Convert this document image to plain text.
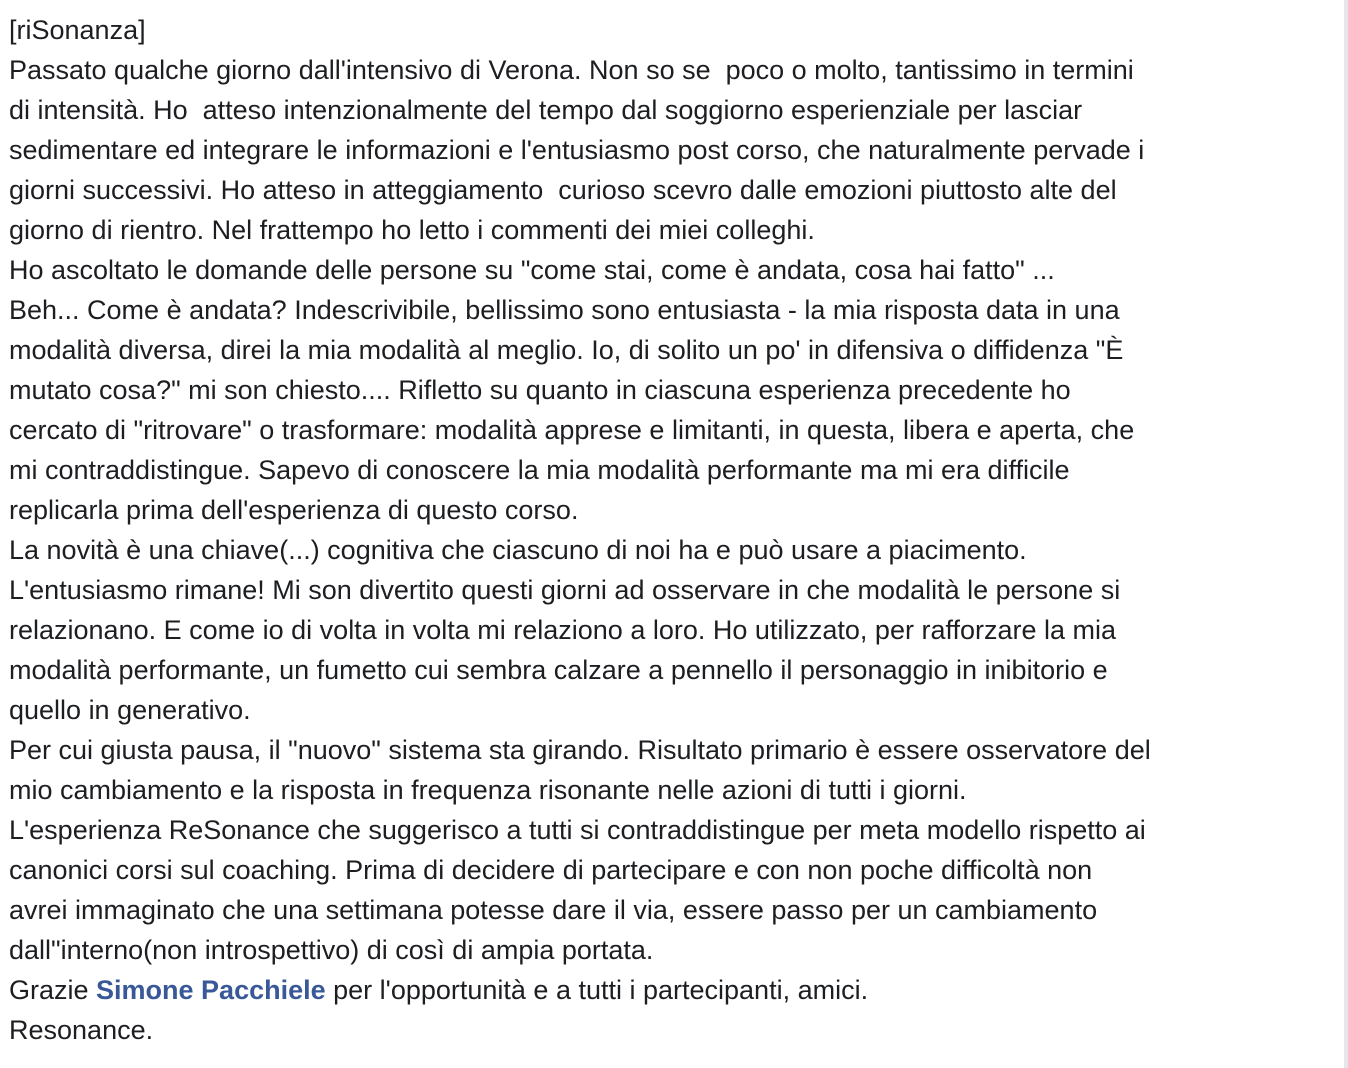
[riSonanza]
Passato qualche giorno dall'intensivo di Verona. Non so se  poco o molto, tantissimo in termini
di intensità. Ho  atteso intenzionalmente del tempo dal soggiorno esperienziale per lasciar
sedimentare ed integrare le informazioni e l'entusiasmo post corso, che naturalmente pervade i
giorni successivi. Ho atteso in atteggiamento  curioso scevro dalle emozioni piuttosto alte del
giorno di rientro. Nel frattempo ho letto i commenti dei miei colleghi.
Ho ascoltato le domande delle persone su "come stai, come è andata, cosa hai fatto" ...
Beh... Come è andata? Indescrivibile, bellissimo sono entusiasta - la mia risposta data in una
modalità diversa, direi la mia modalità al meglio. Io, di solito un po' in difensiva o diffidenza "È
mutato cosa?" mi son chiesto.... Rifletto su quanto in ciascuna esperienza precedente ho
cercato di "ritrovare" o trasformare: modalità apprese e limitanti, in questa, libera e aperta, che
mi contraddistingue. Sapevo di conoscere la mia modalità performante ma mi era difficile
replicarla prima dell'esperienza di questo corso.
La novità è una chiave(...) cognitiva che ciascuno di noi ha e può usare a piacimento.
L'entusiasmo rimane! Mi son divertito questi giorni ad osservare in che modalità le persone si
relazionano. E come io di volta in volta mi relaziono a loro. Ho utilizzato, per rafforzare la mia
modalità performante, un fumetto cui sembra calzare a pennello il personaggio in inibitorio e
quello in generativo.
Per cui giusta pausa, il "nuovo" sistema sta girando. Risultato primario è essere osservatore del
mio cambiamento e la risposta in frequenza risonante nelle azioni di tutti i giorni.
L'esperienza ReSonance che suggerisco a tutti si contraddistingue per meta modello rispetto ai
canonici corsi sul coaching. Prima di decidere di partecipare e con non poche difficoltà non
avrei immaginato che una settimana potesse dare il via, essere passo per un cambiamento
dall"interno(non introspettivo) di così di ampia portata.
Grazie Simone Pacchiele per l'opportunità e a tutti i partecipanti, amici.
Resonance.
